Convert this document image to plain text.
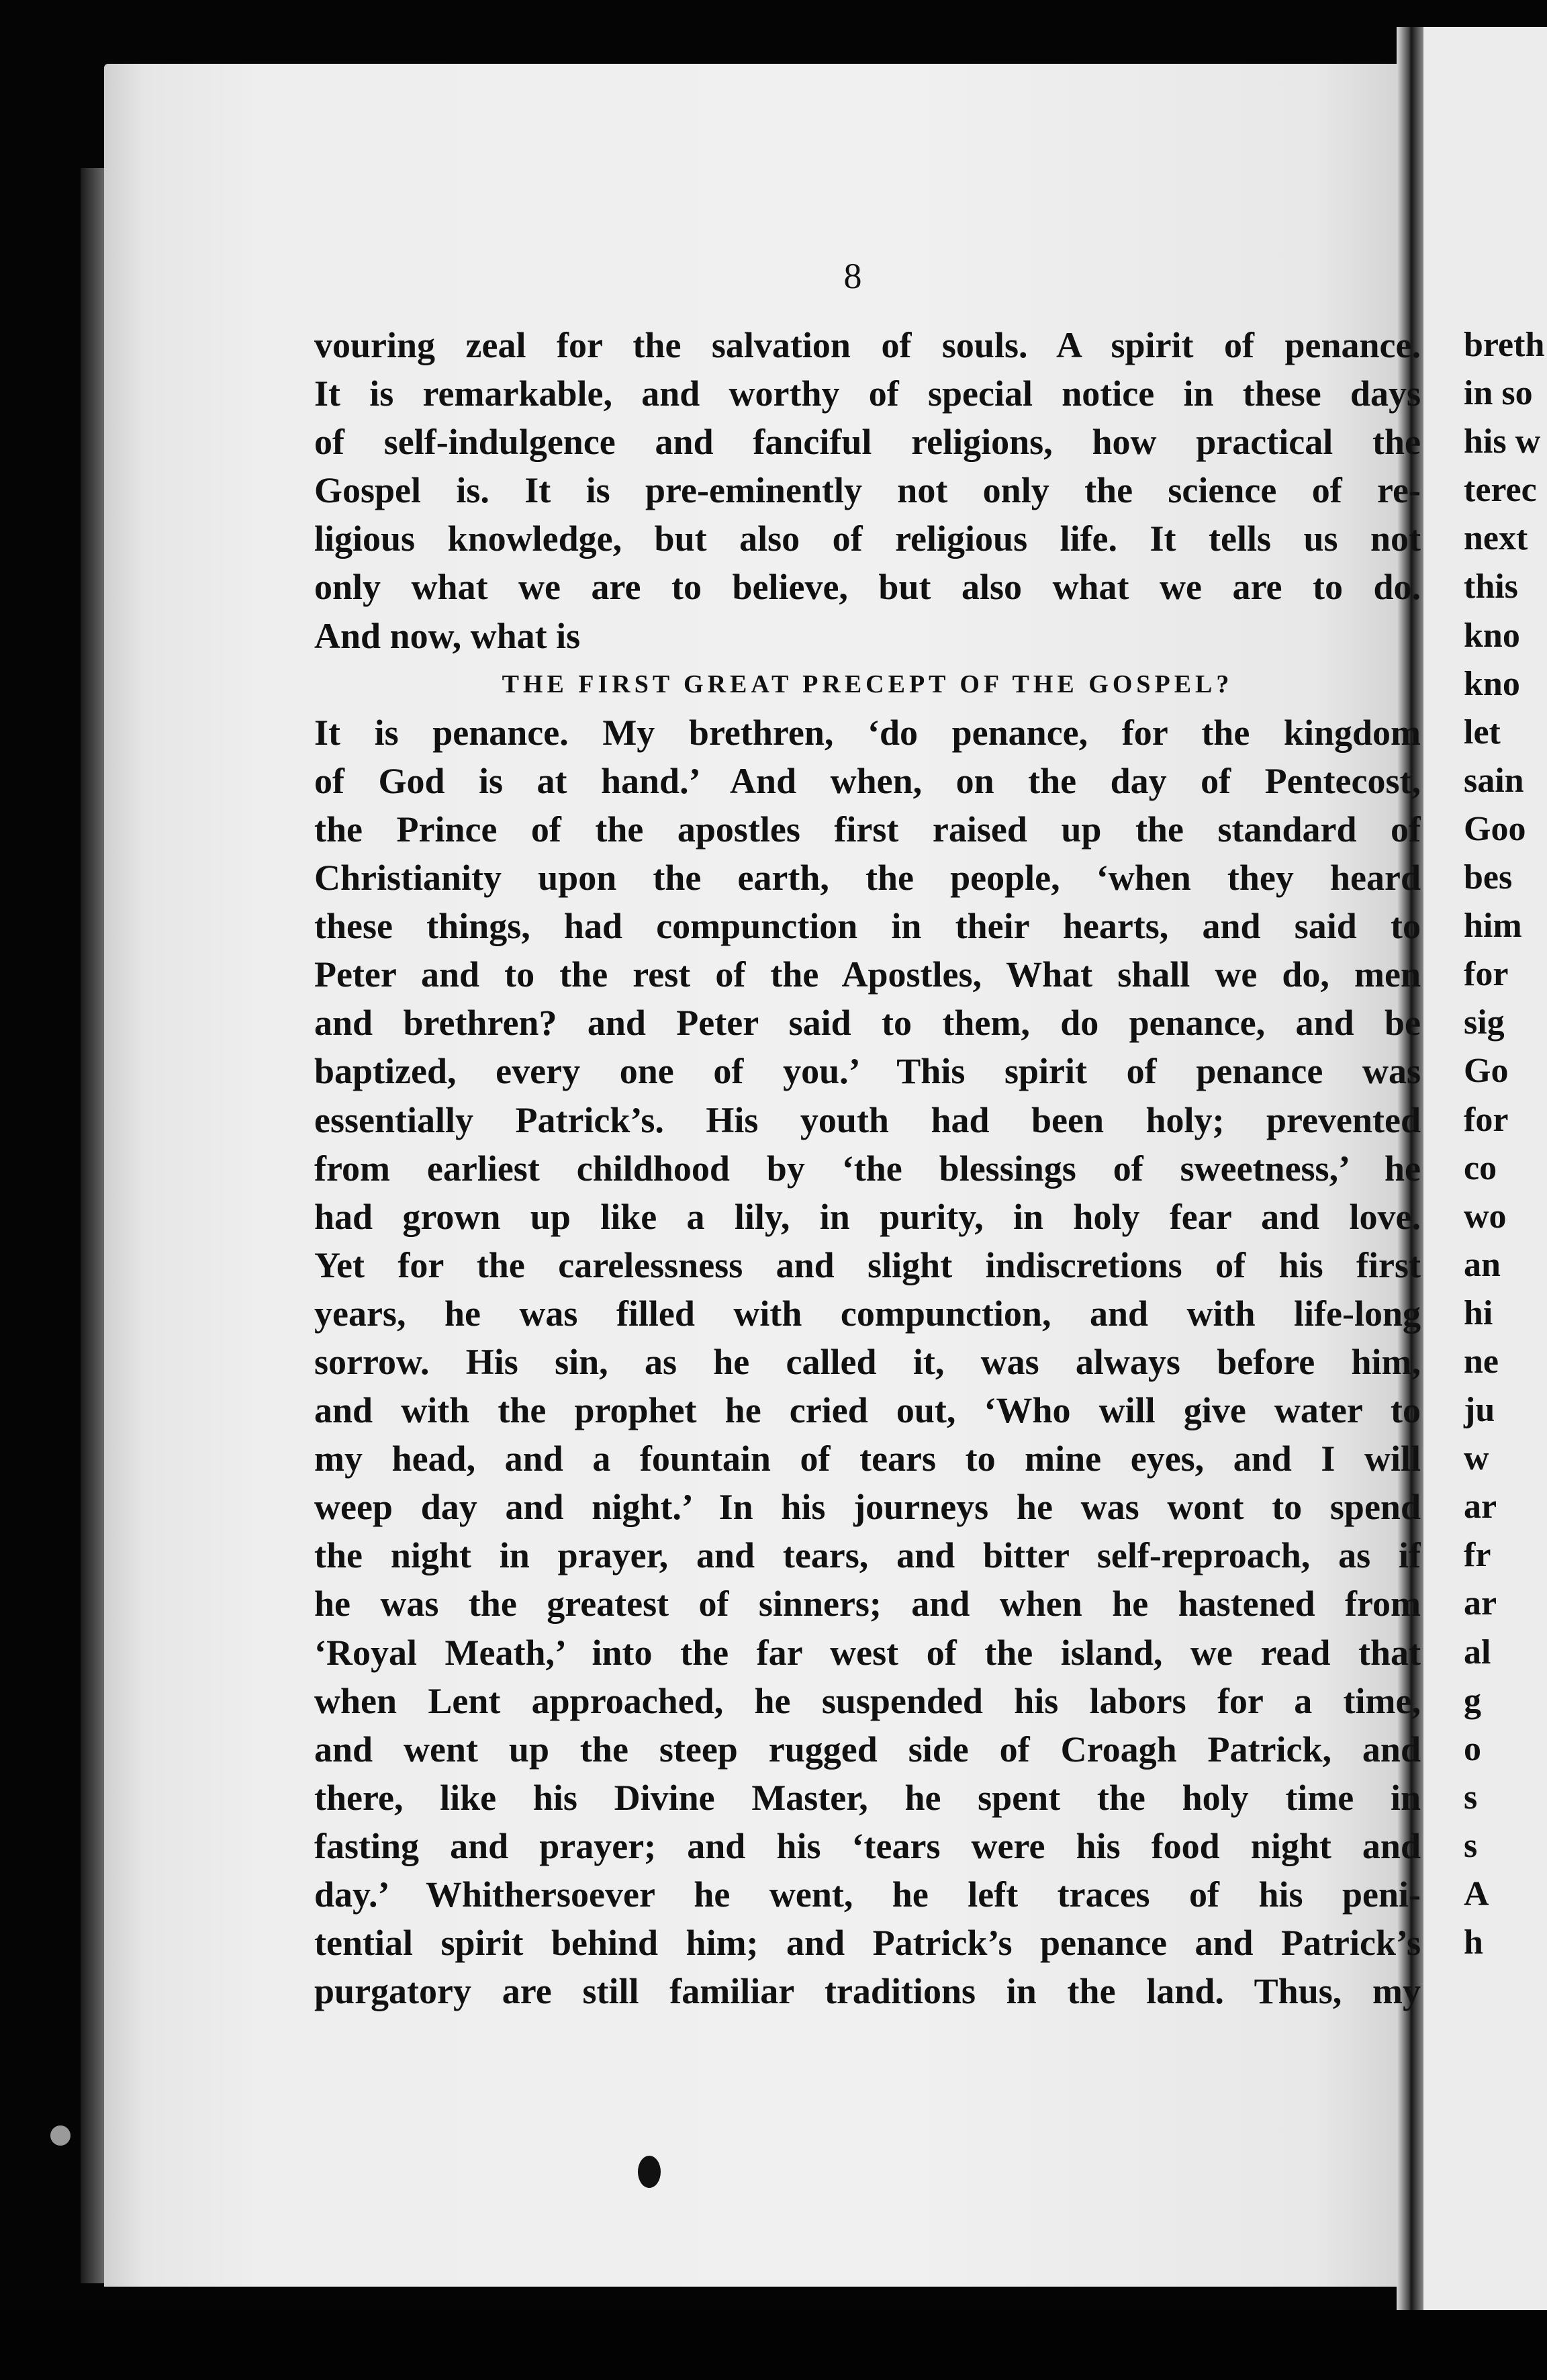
8
vouring zeal for the salvation of souls. A spirit of penance.
It is remarkable, and worthy of special notice in these days
of self-indulgence and fanciful religions, how practical the
Gospel is. It is pre-eminently not only the science of re-
ligious knowledge, but also of religious life. It tells us not
only what we are to believe, but also what we are to do.
And now, what is
THE FIRST GREAT PRECEPT OF THE GOSPEL?
It is penance. My brethren, ‘do penance, for the kingdom
of God is at hand.’ And when, on the day of Pentecost,
the Prince of the apostles first raised up the standard of
Christianity upon the earth, the people, ‘when they heard
these things, had compunction in their hearts, and said to
Peter and to the rest of the Apostles, What shall we do, men
and brethren? and Peter said to them, do penance, and be
baptized, every one of you.’ This spirit of penance was
essentially Patrick’s. His youth had been holy; prevented
from earliest childhood by ‘the blessings of sweetness,’ he
had grown up like a lily, in purity, in holy fear and love.
Yet for the carelessness and slight indiscretions of his first
years, he was filled with compunction, and with life-long
sorrow. His sin, as he called it, was always before him,
and with the prophet he cried out, ‘Who will give water to
my head, and a fountain of tears to mine eyes, and I will
weep day and night.’ In his journeys he was wont to spend
the night in prayer, and tears, and bitter self-reproach, as if
he was the greatest of sinners; and when he hastened from
‘Royal Meath,’ into the far west of the island, we read that
when Lent approached, he suspended his labors for a time,
and went up the steep rugged side of Croagh Patrick, and
there, like his Divine Master, he spent the holy time in
fasting and prayer; and his ‘tears were his food night and
day.’ Whithersoever he went, he left traces of his peni-
tential spirit behind him; and Patrick’s penance and Patrick’s
purgatory are still familiar traditions in the land. Thus, my
breth
in so
his w
terec
next
this
kno
kno
let
sain
Goo
bes
him
for
sig
Go
for
co
wo
an
hi
ne
ju
w
ar
fr
ar
al
g
o
s
s
A
h
